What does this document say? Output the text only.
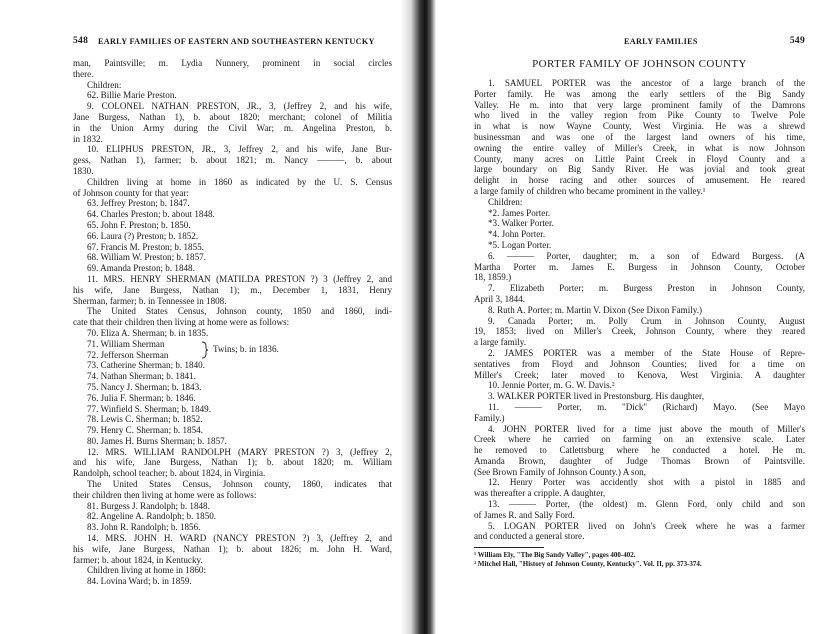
548 EARLY FAMILIES OF EASTERN AND SOUTHEASTERN KENTUCKY
man, Paintsville; m. Lydia Nunnery, prominent in social circles
there.
Children:
62. Billie Marie Preston.
9. COLONEL NATHAN PRESTON, JR., 3, (Jeffrey 2, and his wife,
Jane Burgess, Nathan 1), b. about 1820; merchant; colonel of Militia
in the Union Army during the Civil War; m. Angelina Preston, b.
in 1832.
10. ELIPHUS PRESTON, JR., 3, Jeffrey 2, and his wife, Jane Bur-
gess, Nathan 1), farmer; b. about 1821; m. Nancy ———, b. about
1830.
Children living at home in 1860 as indicated by the U. S. Census
of Johnson county for that year:
63. Jeffrey Preston; b. 1847.
64. Charles Preston; b. about 1848.
65. John F. Preston; b. 1850.
66. Laura (?) Preston; b. 1852.
67. Francis M. Preston; b. 1855.
68. William W. Preston; b. 1857.
69. Amanda Preston; b. 1848.
11. MRS. HENRY SHERMAN (MATILDA PRESTON ?) 3 (Jeffrey 2, and
his wife, Jane Burgess, Nathan 1); m., December 1, 1831, Henry
Sherman, farmer; b. in Tennessee in 1808.
The United States Census, Johnson county, 1850 and 1860, indi-
cate that their children then living at home were as follows:
70. Eliza A. Sherman; b. in 1835.
71. William Sherman
72. Jefferson Sherman
Twins; b. in 1836.
73. Catherine Sherman; b. 1840.
74. Nathan Sherman; b. 1841.
75. Nancy J. Sherman; b. 1843.
76. Julia F. Sherman; b. 1846.
77. Winfield S. Sherman; b. 1849.
78. Lewis C. Sherman; b. 1852.
79. Henry C. Sherman; b. 1854.
80. James H. Burns Sherman; b. 1857.
12. MRS. WILLIAM RANDOLPH (MARY PRESTON ?) 3, (Jeffrey 2,
and his wife, Jane Burgess, Nathan 1); b. about 1820; m. William
Randolph, school teacher; b. about 1824, in Virginia.
The United States Census, Johnson county, 1860, indicates that
their children then living at home were as follows:
81. Burgess J. Randolph; b. 1848.
82. Angeline A. Randolph; b. 1850.
83. John R. Randolph; b. 1856.
14. MRS. JOHN H. WARD (NANCY PRESTON ?) 3, (Jeffrey 2, and
his wife, Jane Burgess, Nathan 1); b. about 1826; m. John H. Ward,
farmer; b. about 1824, in Kentucky.
Children living at home in 1860:
84. Lovina Ward; b. in 1859.
EARLY FAMILIES	549
PORTER FAMILY OF JOHNSON COUNTY
1. SAMUEL PORTER was the ancestor of a large branch of the
Porter family. He was among the early settlers of the Big Sandy
Valley. He m. into that very large prominent family of the Damrons
who lived in the valley region from Pike County to Twelve Pole
in what is now Wayne County, West Virginia. He was a shrewd
businessman and was one of the largest land owners of his time,
owning the entire valley of Miller's Creek, in what is now Johnson
County, many acres on Little Paint Creek in Floyd County and a
large boundary on Big Sandy River. He was jovial and took great
delight in horse racing and other sources of amusement. He reared
a large family of children who became prominent in the valley.¹
Children:
*2. James Porter.
*3. Walker Porter.
*4. John Porter.
*5. Logan Porter.
6. ——— Porter, daughter; m. a son of Edward Burgess. (A
Martha Porter m. James E. Burgess in Johnson County, October
18, 1859.)
7. Elizabeth Porter; m. Burgess Preston in Johnson County,
April 3, 1844.
8. Ruth A. Porter; m. Martin V. Dixon (See Dixon Family.)
9. Canada Porter; m. Polly Crum in Johnson County, August
19, 1853; lived on Miller's Creek, Johnson County, where they reared
a large family.
2. JAMES PORTER was a member of the State House of Repre-
sentatives from Floyd and Johnson Counties; lived for a time on
Miller's Creek; later moved to Kenova, West Virginia. A daughter
10. Jennie Porter, m. G. W. Davis.²
3. WALKER PORTER lived in Prestonsburg. His daughter,
11. ——— Porter, m. "Dick" (Richard) Mayo. (See Mayo
Family.)
4. JOHN PORTER lived for a time just above the mouth of Miller's
Creek where he carried on farming on an extensive scale. Later
he removed to Catlettsburg where he conducted a hotel. He m.
Amanda Brown, daughter of Judge Thomas Brown of Paintsville.
(See Brown Family of Johnson County.) A son,
12. Henry Porter was accidently shot with a pistol in 1885 and
was thereafter a cripple. A daughter,
13. ——— Porter, (the oldest) m. Glenn Ford, only child and son
of James R. and Sally Ford.
5. LOGAN PORTER lived on John's Creek where he was a farmer
and conducted a general store.
¹ William Ely, "The Big Sandy Valley", pages 400-402.
² Mitchel Hall, "History of Johnson County, Kentucky". Vol. II, pp. 373-374.
